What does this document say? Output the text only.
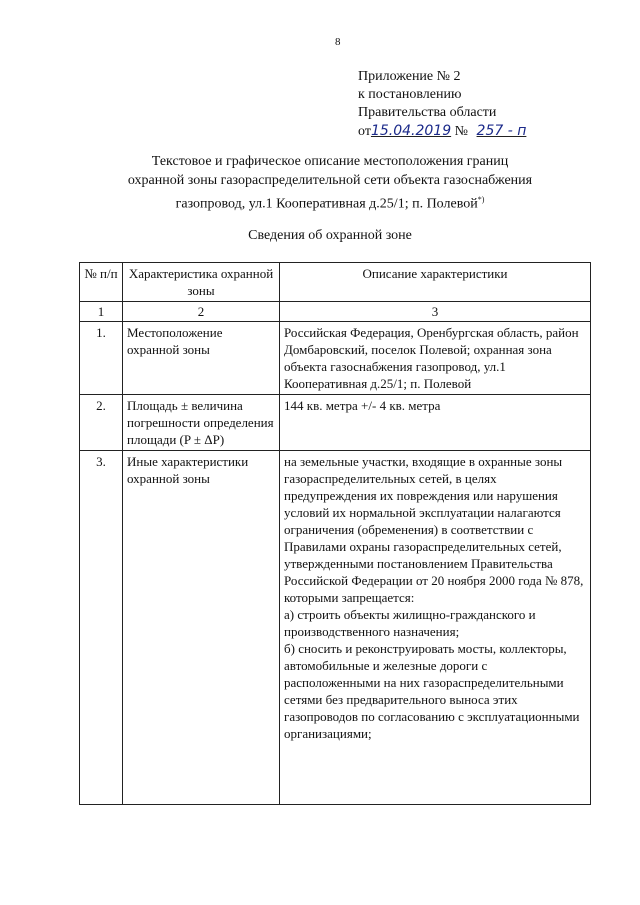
8
Приложение № 2
к постановлению
Правительства области
от15.04.2019 № 257 - п
Текстовое и графическое описание местоположения границ
охранной зоны газораспределительной сети объекта газоснабжения
газопровод, ул.1 Кооперативная д.25/1; п. Полевой*)
Сведения об охранной зоне
№ п/п	Характеристика охранной зоны	Описание характеристики
1	2	3
1.	Местоположение охранной зоны	Российская Федерация, Оренбургская область, район Домбаровский, поселок Полевой; охранная зона объекта газоснабжения газопровод, ул.1 Кооперативная д.25/1; п. Полевой
2.	Площадь ± величина погрешности определения площади (P ± ΔP)	144 кв. метра +/- 4 кв. метра
3.	Иные характеристики охранной зоны	на земельные участки, входящие в охранные зоны газораспределительных сетей, в целях предупреждения их повреждения или нарушения условий их нормальной эксплуатации налагаются ограничения (обременения) в соответствии с Правилами охраны газораспределительных сетей, утвержденными постановлением Правительства Российской Федерации от 20 ноября 2000 года № 878, которыми запрещается:
а) строить объекты жилищно-гражданского и производственного назначения;
б) сносить и реконструировать мосты, коллекторы, автомобильные и железные дороги с расположенными на них газораспределительными сетями без предварительного выноса этих газопроводов по согласованию с эксплуатационными организациями;
